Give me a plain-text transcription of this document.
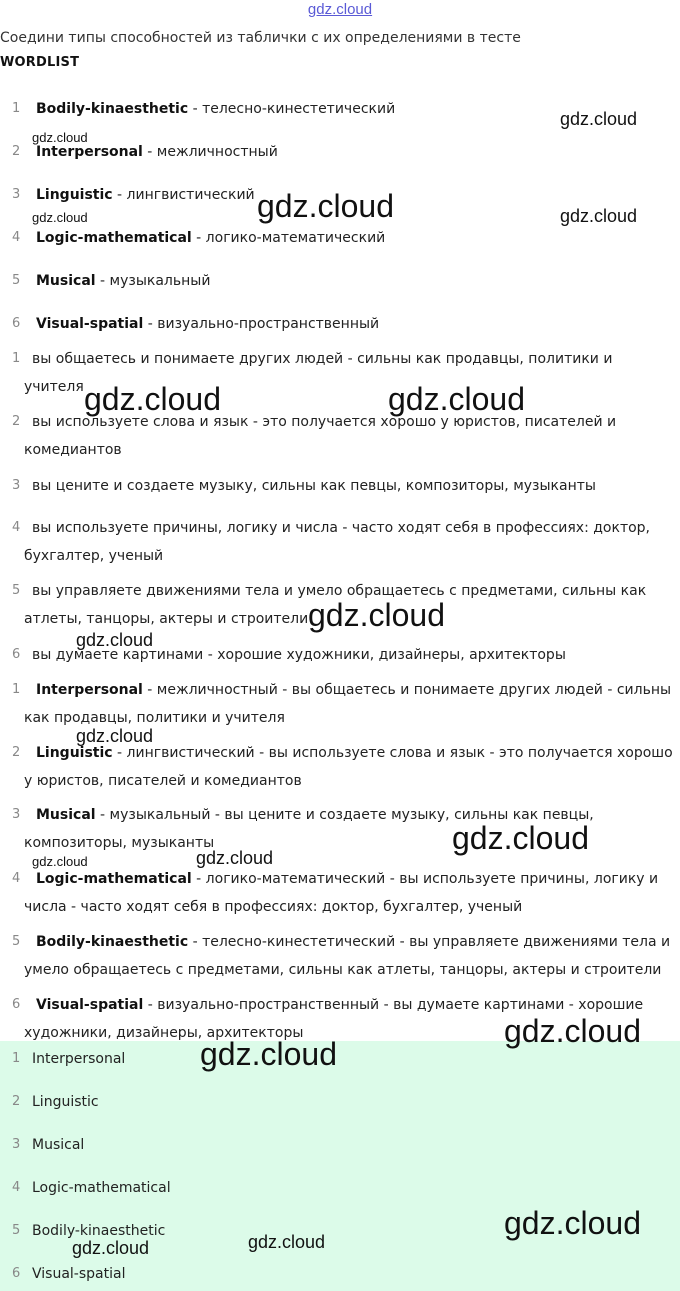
gdz.cloud
Соедини типы способностей из таблички с их определениями в тесте
WORDLIST
1	Bodily-kinaesthetic - телесно-кинестетический
2	Interpersonal - межличностный
3	Linguistic - лингвистический
4	Logic-mathematical - логико-математический
5	Musical - музыкальный
6	Visual-spatial - визуально-пространственный
1 вы общаетесь и понимаете других людей - сильны как продавцы, политики и учителя
2 вы используете слова и язык - это получается хорошо у юристов, писателей и комедиантов
3 вы цените и создаете музыку, сильны как певцы, композиторы, музыканты
4 вы используете причины, логику и числа - часто ходят себя в профессиях: доктор, бухгалтер, ученый
5 вы управляете движениями тела и умело обращаетесь с предметами, сильны как атлеты, танцоры, актеры и строители
6 вы думаете картинами - хорошие художники, дизайнеры, архитекторы
1	Interpersonal - межличностный - вы общаетесь и понимаете других людей - сильны как продавцы, политики и учителя
2	Linguistic - лингвистический - вы используете слова и язык - это получается хорошо у юристов, писателей и комедиантов
3	Musical - музыкальный - вы цените и создаете музыку, сильны как певцы, композиторы, музыканты
4	Logic-mathematical - логико-математический - вы используете причины, логику и числа - часто ходят себя в профессиях: доктор, бухгалтер, ученый
5	Bodily-kinaesthetic - телесно-кинестетический - вы управляете движениями тела и умело обращаетесь с предметами, сильны как атлеты, танцоры, актеры и строители
6	Visual-spatial - визуально-пространственный - вы думаете картинами - хорошие художники, дизайнеры, архитекторы
1 Interpersonal
2 Linguistic
3 Musical
4 Logic-mathematical
5 Bodily-kinaesthetic
6 Visual-spatial
gdz.cloud
gdz.cloud
gdz.cloud
gdz.cloud	gdz.cloud
gdz.cloud	gdz.cloud
gdz.cloud
gdz.cloud
gdz.cloud
gdz.cloud
gdz.cloud	gdz.cloud
gdz.cloud
gdz.cloud
gdz.cloud
gdz.cloud	gdz.cloud
